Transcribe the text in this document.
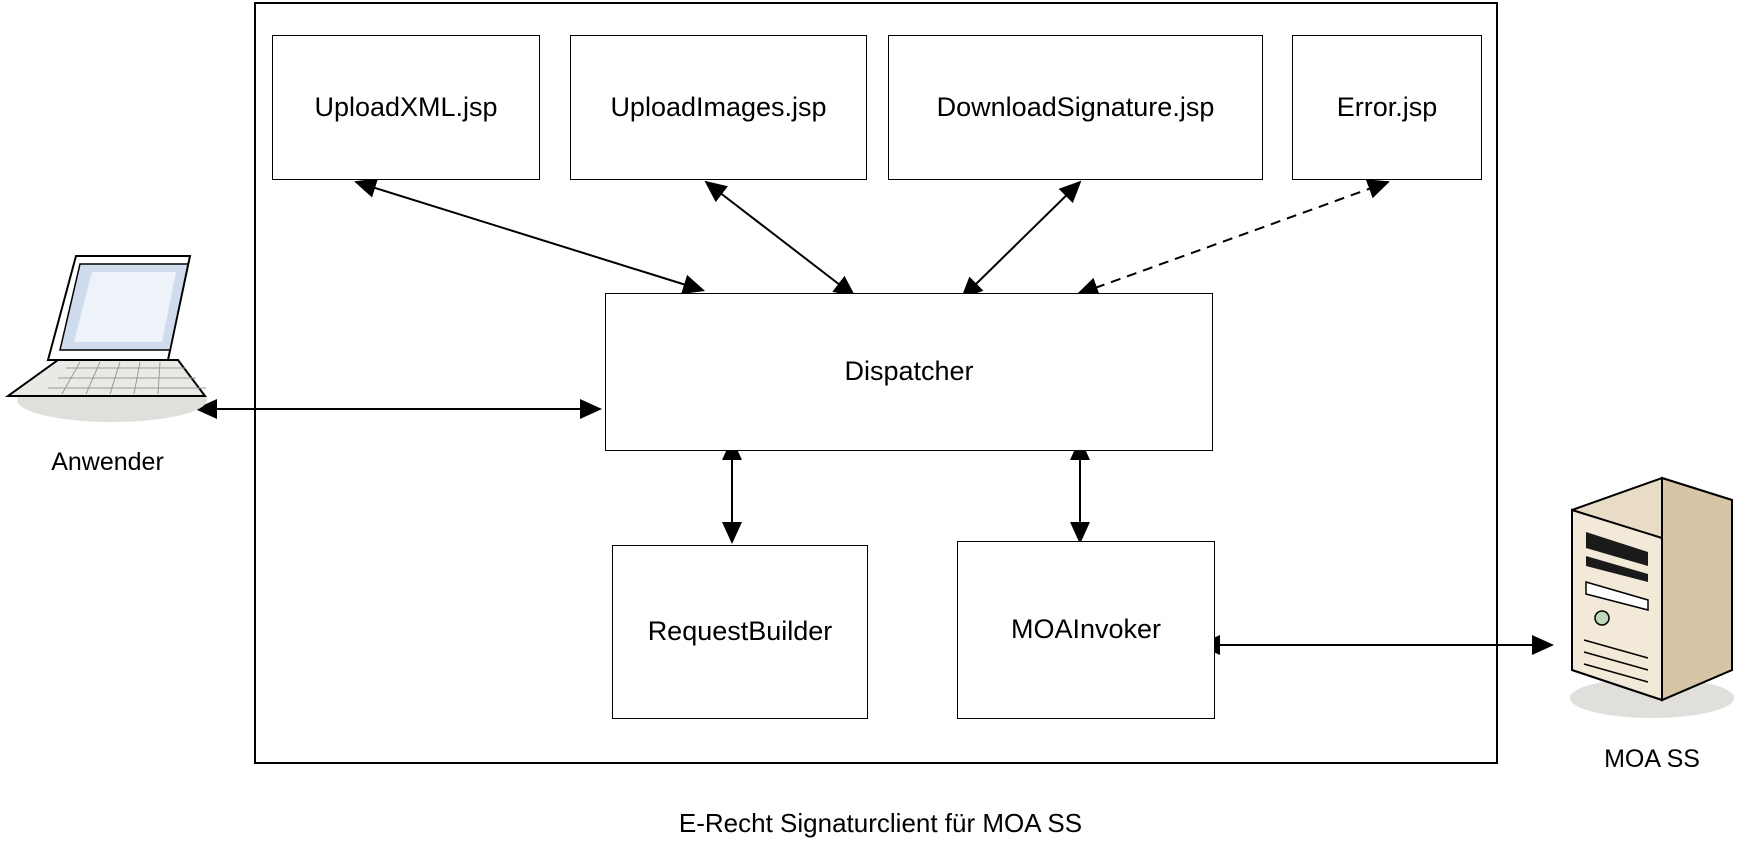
UploadXML.jsp	UploadImages.jsp	DownloadSignature.jsp	Error.jsp
Dispatcher
RequestBuilder	MOAInvoker
Anwender
MOA SS
E-Recht Signaturclient für MOA SS
